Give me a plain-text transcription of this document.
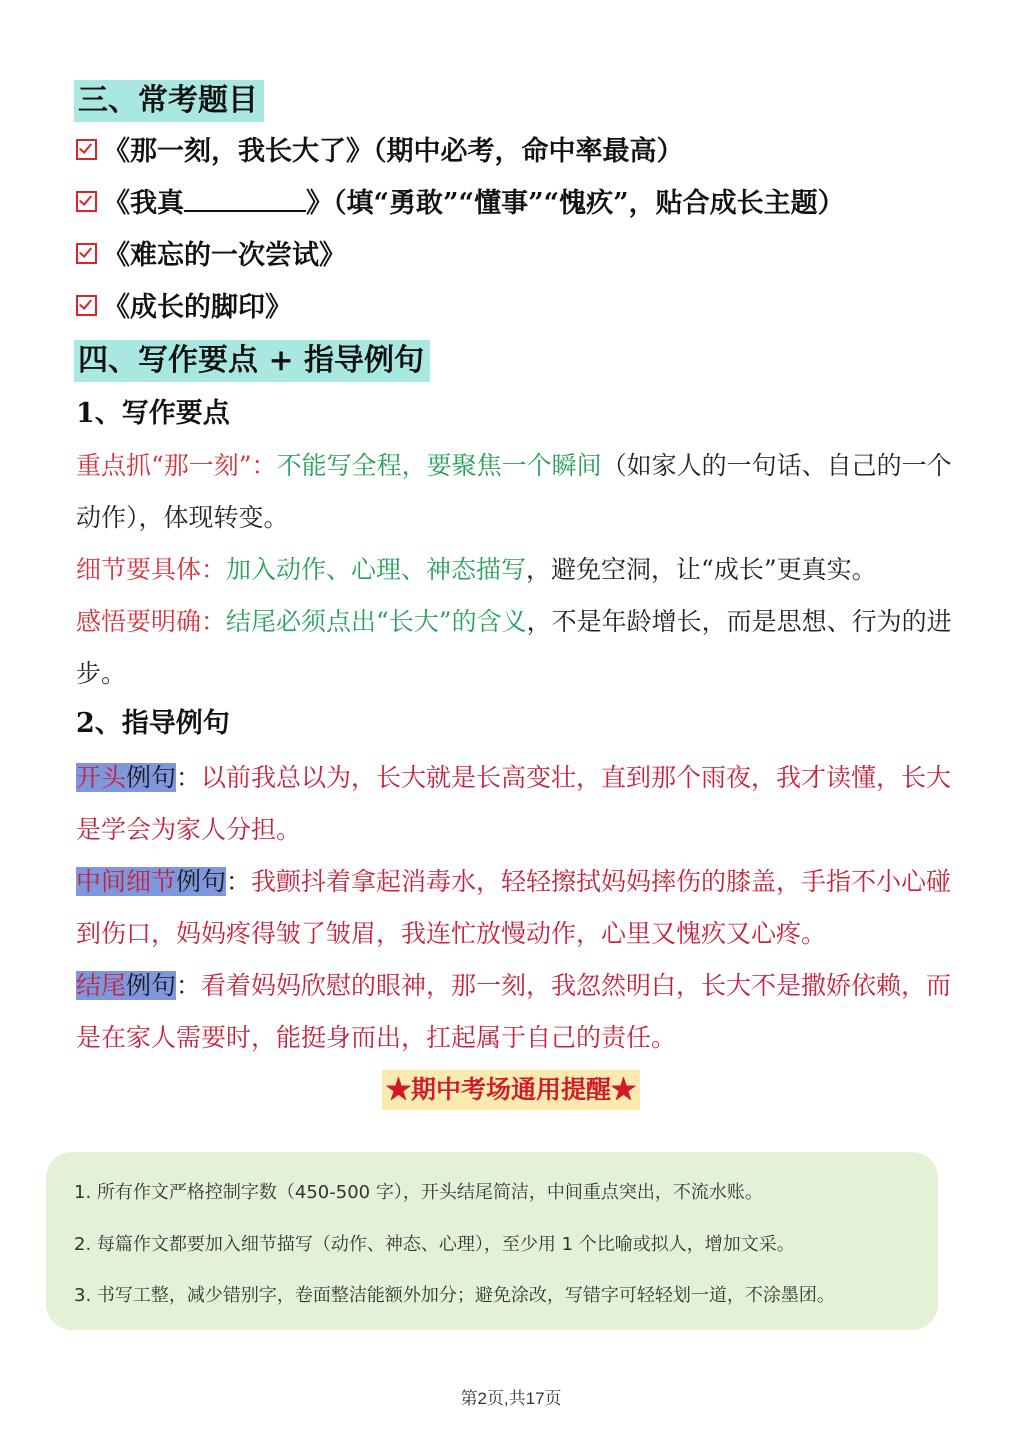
三、常考题目
《那一刻，我长大了》（期中必考，命中率最高）
《我真	》（填“勇敢”“懂事”“愧疚”，贴合成长主题）
《难忘的一次尝试》
《成长的脚印》
四、写作要点 + 指导例句
1、写作要点
重点抓“那一刻”：不能写全程，要聚焦一个瞬间（如家人的一句话、自己的一个动作），体现转变。
细节要具体：加入动作、心理、神态描写，避免空洞，让“成长”更真实。
感悟要明确：结尾必须点出“长大”的含义，不是年龄增长，而是思想、行为的进步。
2、指导例句
开头例句：以前我总以为，长大就是长高变壮，直到那个雨夜，我才读懂，长大是学会为家人分担。
中间细节例句：我颤抖着拿起消毒水，轻轻擦拭妈妈摔伤的膝盖，手指不小心碰到伤口，妈妈疼得皱了皱眉，我连忙放慢动作，心里又愧疚又心疼。
结尾例句：看着妈妈欣慰的眼神，那一刻，我忽然明白，长大不是撒娇依赖，而是在家人需要时，能挺身而出，扛起属于自己的责任。
★期中考场通用提醒★
1. 所有作文严格控制字数（450-500 字），开头结尾简洁，中间重点突出，不流水账。
2. 每篇作文都要加入细节描写（动作、神态、心理），至少用 1 个比喻或拟人，增加文采。
3. 书写工整，减少错别字，卷面整洁能额外加分；避免涂改，写错字可轻轻划一道，不涂墨团。
第2页,共17页
